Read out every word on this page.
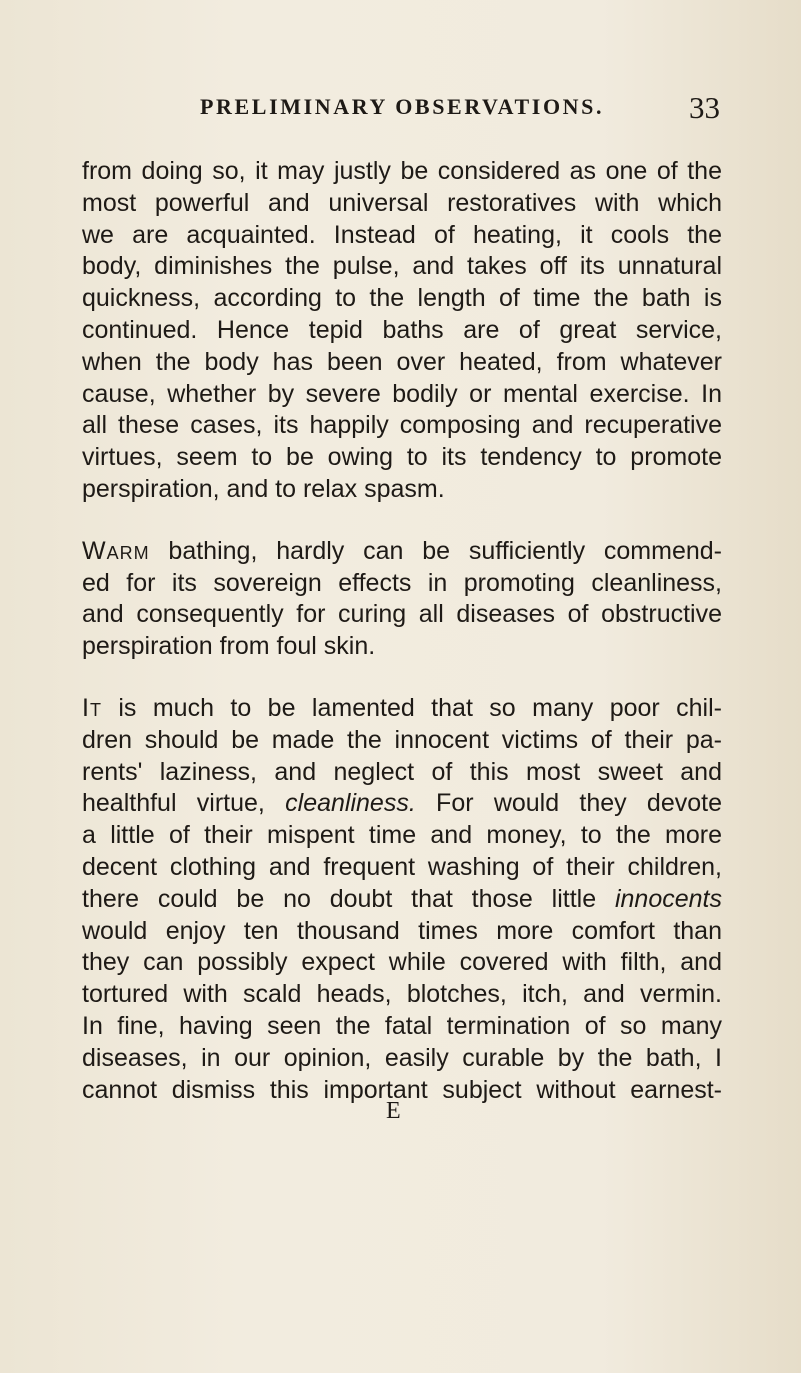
PRELIMINARY OBSERVATIONS.	33
from doing so, it may justly be considered as one of the
most powerful and universal restoratives with which
we are acquainted. Instead of heating, it cools the
body, diminishes the pulse, and takes off its unnatural
quickness, according to the length of time the bath is
continued. Hence tepid baths are of great service,
when the body has been over heated, from whatever
cause, whether by severe bodily or mental exercise. In
all these cases, its happily composing and recuperative
virtues, seem to be owing to its tendency to promote
perspiration, and to relax spasm.
Warm bathing, hardly can be sufficiently commend-
ed for its sovereign effects in promoting cleanliness,
and consequently for curing all diseases of obstructive
perspiration from foul skin.
It is much to be lamented that so many poor chil-
dren should be made the innocent victims of their pa-
rents' laziness, and neglect of this most sweet and
healthful virtue, cleanliness. For would they devote
a little of their mispent time and money, to the more
decent clothing and frequent washing of their children,
there could be no doubt that those little innocents
would enjoy ten thousand times more comfort than
they can possibly expect while covered with filth, and
tortured with scald heads, blotches, itch, and vermin.
In fine, having seen the fatal termination of so many
diseases, in our opinion, easily curable by the bath, I
cannot dismiss this important subject without earnest-
E
